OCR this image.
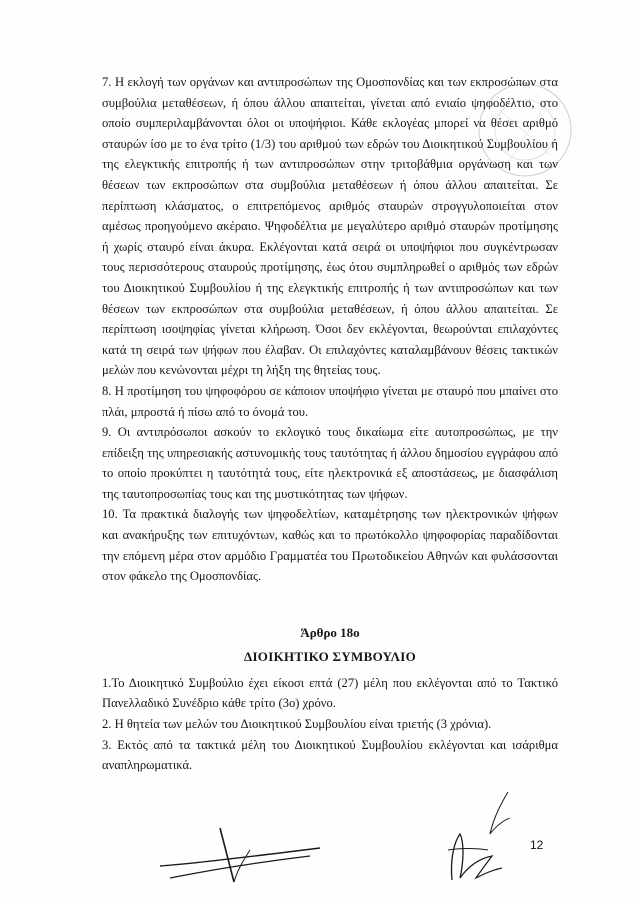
7. Η εκλογή των οργάνων και αντιπροσώπων της Ομοσπονδίας και των εκπροσώπων στα συμβούλια μεταθέσεων, ή όπου άλλου απαιτείται, γίνεται από ενιαίο ψηφοδέλτιο, στο οποίο συμπεριλαμβάνονται όλοι οι υποψήφιοι. Κάθε εκλογέας μπορεί να θέσει αριθμό σταυρών ίσο με το ένα τρίτο (1/3) του αριθμού των εδρών του Διοικητικού Συμβουλίου ή της ελεγκτικής επιτροπής ή των αντιπροσώπων στην τριτοβάθμια οργάνωση και των θέσεων των εκπροσώπων στα συμβούλια μεταθέσεων ή όπου άλλου απαιτείται. Σε περίπτωση κλάσματος, ο επιτρεπόμενος αριθμός σταυρών στρογγυλοποιείται στον αμέσως προηγούμενο ακέραιο. Ψηφοδέλτια με μεγαλύτερο αριθμό σταυρών προτίμησης ή χωρίς σταυρό είναι άκυρα. Εκλέγονται κατά σειρά οι υποψήφιοι που συγκέντρωσαν τους περισσότερους σταυρούς προτίμησης, έως ότου συμπληρωθεί ο αριθμός των εδρών του Διοικητικού Συμβουλίου ή της ελεγκτικής επιτροπής ή των αντιπροσώπων και των θέσεων των εκπροσώπων στα συμβούλια μεταθέσεων, ή όπου άλλου απαιτείται. Σε περίπτωση ισοψηφίας γίνεται κλήρωση. Όσοι δεν εκλέγονται, θεωρούνται επιλαχόντες κατά τη σειρά των ψήφων που έλαβαν. Οι επιλαχόντες καταλαμβάνουν θέσεις τακτικών μελών που κενώνονται μέχρι τη λήξη της θητείας τους.

8. Η προτίμηση του ψηφοφόρου σε κάποιον υποψήφιο γίνεται με σταυρό που μπαίνει στο πλάι, μπροστά ή πίσω από το όνομά του.

9. Οι αντιπρόσωποι ασκούν το εκλογικό τους δικαίωμα είτε αυτοπροσώπως, με την επίδειξη της υπηρεσιακής αστυνομικής τους ταυτότητας ή άλλου δημοσίου εγγράφου από το οποίο προκύπτει η ταυτότητά τους, είτε ηλεκτρονικά εξ αποστάσεως, με διασφάλιση της ταυτοπροσωπίας τους και της μυστικότητας των ψήφων.

10. Τα πρακτικά διαλογής των ψηφοδελτίων, καταμέτρησης των ηλεκτρονικών ψήφων και ανακήρυξης των επιτυχόντων, καθώς και το πρωτόκολλο ψηφοφορίας παραδίδονται την επόμενη μέρα στον αρμόδιο Γραμματέα του Πρωτοδικείου Αθηνών και φυλάσσονται στον φάκελο της Ομοσπονδίας.

Άρθρο 18ο

ΔΙΟΙΚΗΤΙΚΟ ΣΥΜΒΟΥΛΙΟ

1.Το Διοικητικό Συμβούλιο έχει είκοσι επτά (27) μέλη που εκλέγονται από το Τακτικό Πανελλαδικό Συνέδριο κάθε τρίτο (3ο) χρόνο.

2. Η θητεία των μελών του Διοικητικού Συμβουλίου είναι τριετής (3 χρόνια).

3. Εκτός από τα τακτικά μέλη του Διοικητικού Συμβουλίου εκλέγονται και ισάριθμα αναπληρωματικά.

12
